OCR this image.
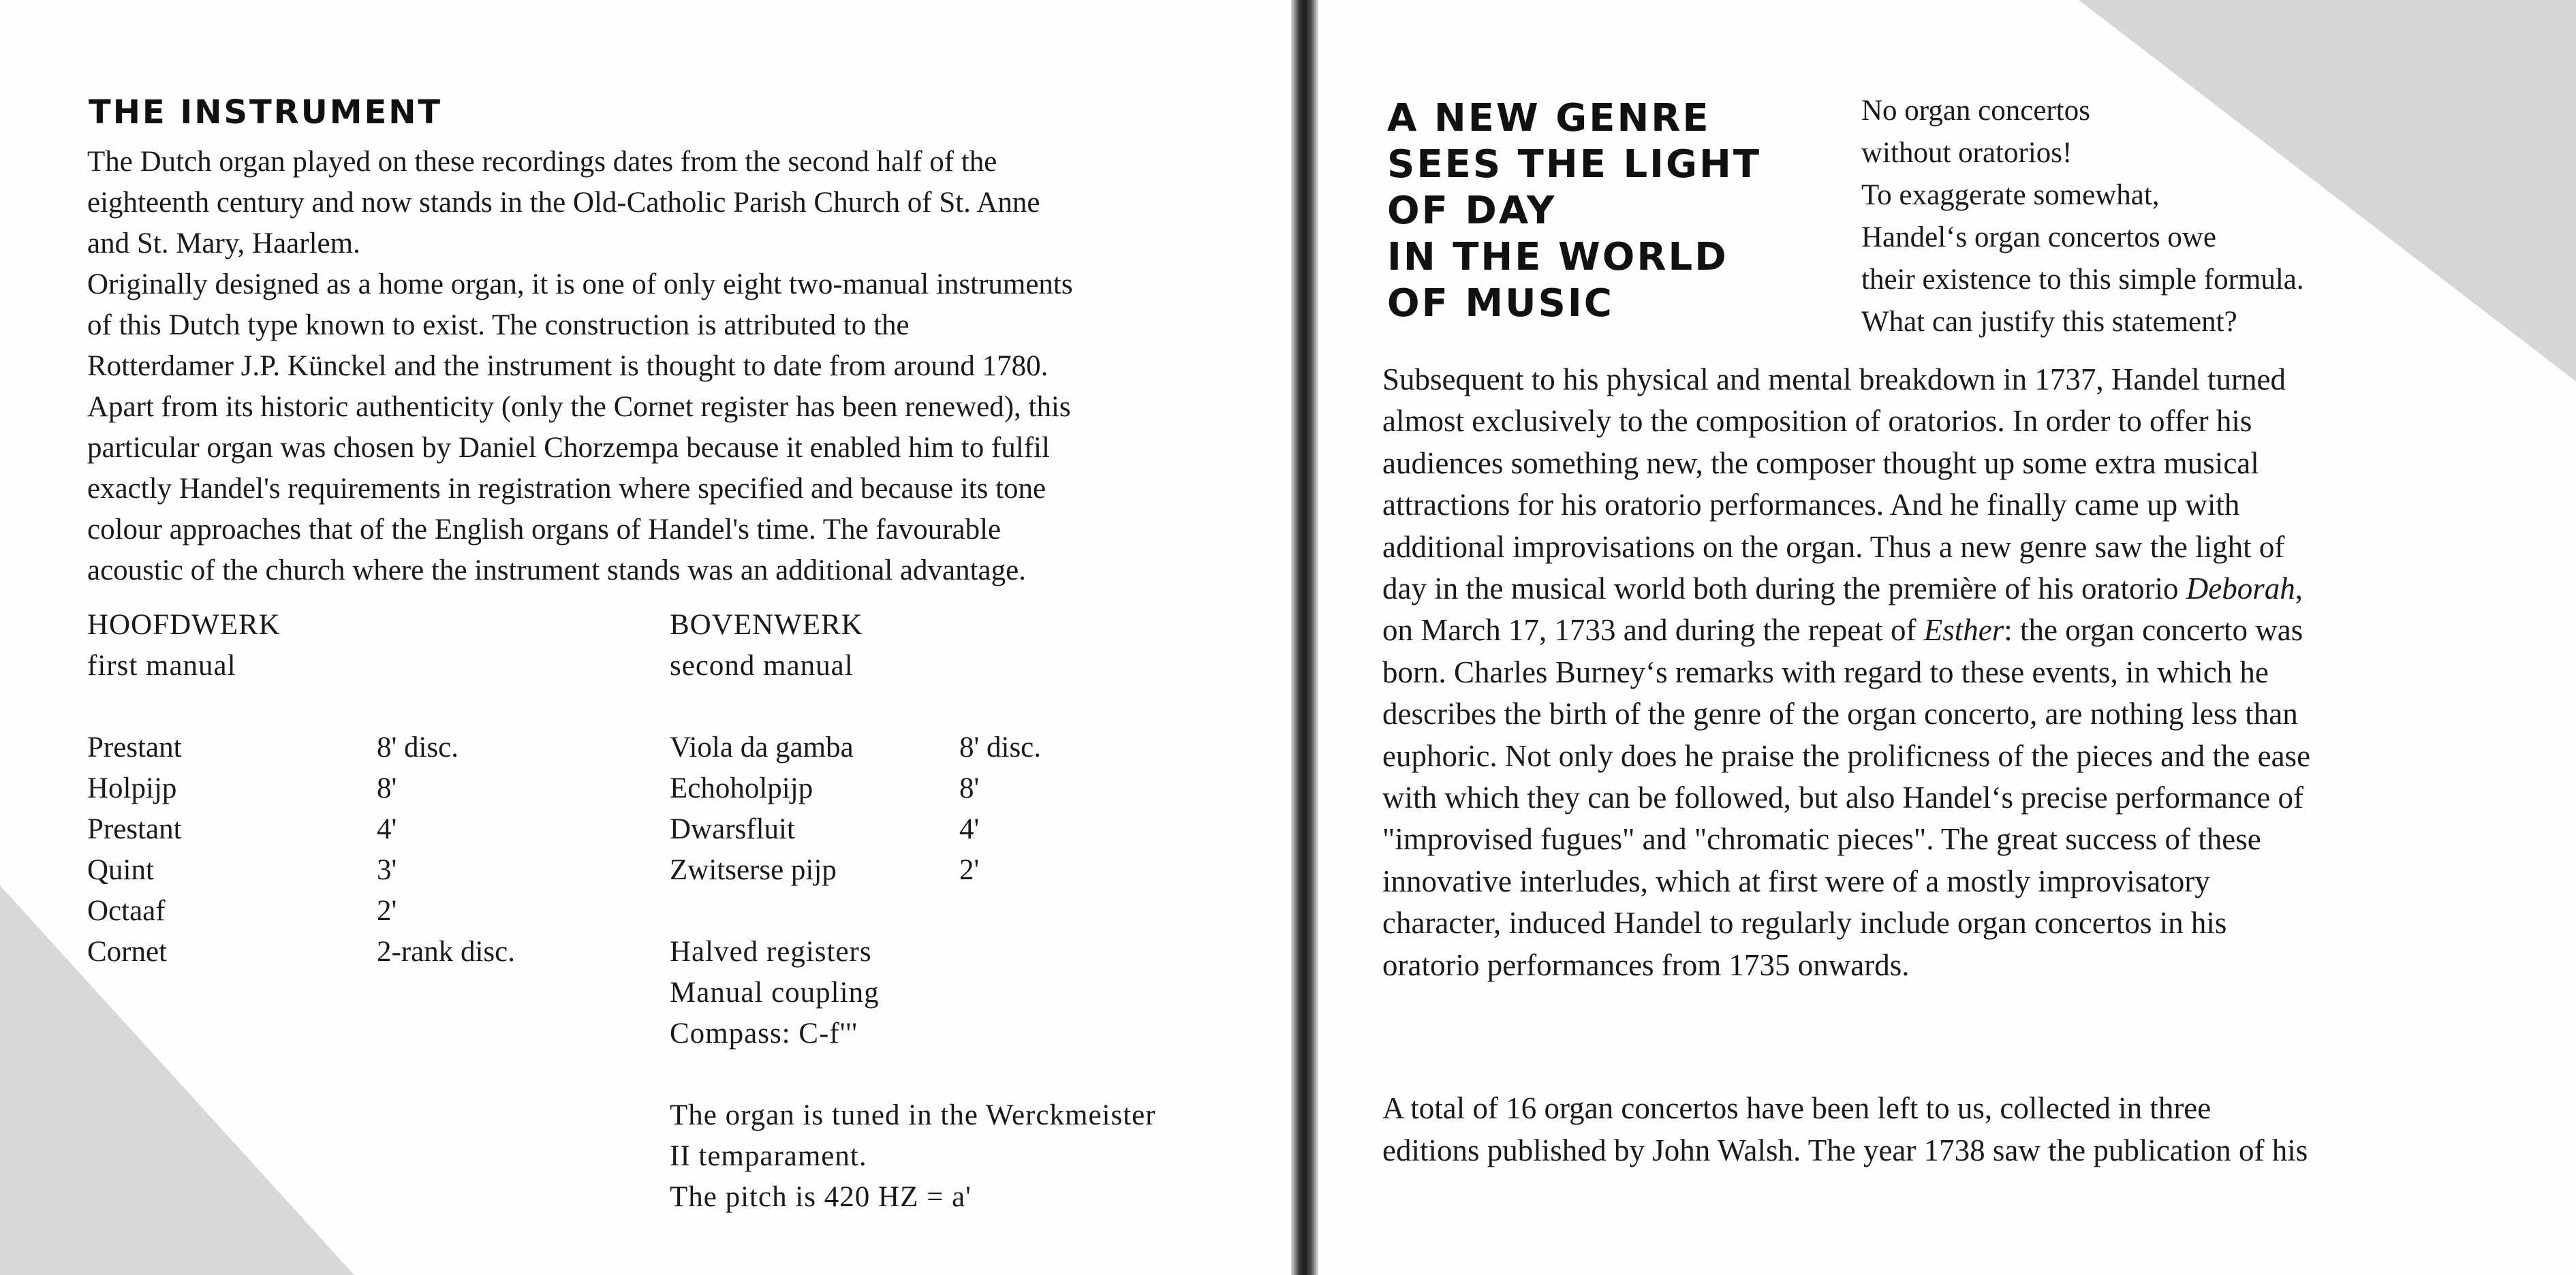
THE INSTRUMENT

The Dutch organ played on these recordings dates from the second half of the
eighteenth century and now stands in the Old-Catholic Parish Church of St. Anne
and St. Mary, Haarlem.
Originally designed as a home organ, it is one of only eight two-manual instruments
of this Dutch type known to exist. The construction is attributed to the
Rotterdamer J.P. Künckel and the instrument is thought to date from around 1780.
Apart from its historic authenticity (only the Cornet register has been renewed), this
particular organ was chosen by Daniel Chorzempa because it enabled him to fulfil
exactly Handel's requirements in registration where specified and because its tone
colour approaches that of the English organs of Handel's time. The favourable
acoustic of the church where the instrument stands was an additional advantage.

HOOFDWERK
first manual
Prestant	8' disc.
Holpijp	8'
Prestant	4'
Quint	3'
Octaaf	2'
Cornet	2-rank disc.
BOVENWERK
second manual
Viola da gamba	8' disc.
Echoholpijp	8'
Dwarsfluit	4'
Zwitserse pijp	2'
Halved registers
Manual coupling
Compass: C-f'''
The organ is tuned in the Werckmeister
II temparament.
The pitch is 420 HZ = a'
A NEW GENRE
SEES THE LIGHT
OF DAY
IN THE WORLD
OF MUSIC
No organ concertos
without oratorios!
To exaggerate somewhat,
Handel‘s organ concertos owe
their existence to this simple formula.
What can justify this statement?

Subsequent to his physical and mental breakdown in 1737, Handel turned
almost exclusively to the composition of oratorios. In order to offer his
audiences something new, the composer thought up some extra musical
attractions for his oratorio performances. And he finally came up with
additional improvisations on the organ. Thus a new genre saw the light of
day in the musical world both during the première of his oratorio Deborah,
on March 17, 1733 and during the repeat of Esther: the organ concerto was
born. Charles Burney‘s remarks with regard to these events, in which he
describes the birth of the genre of the organ concerto, are nothing less than
euphoric. Not only does he praise the prolificness of the pieces and the ease
with which they can be followed, but also Handel‘s precise performance of
"improvised fugues" and "chromatic pieces". The great success of these
innovative interludes, which at first were of a mostly improvisatory
character, induced Handel to regularly include organ concertos in his
oratorio performances from 1735 onwards.

A total of 16 organ concertos have been left to us, collected in three
editions published by John Walsh. The year 1738 saw the publication of his
